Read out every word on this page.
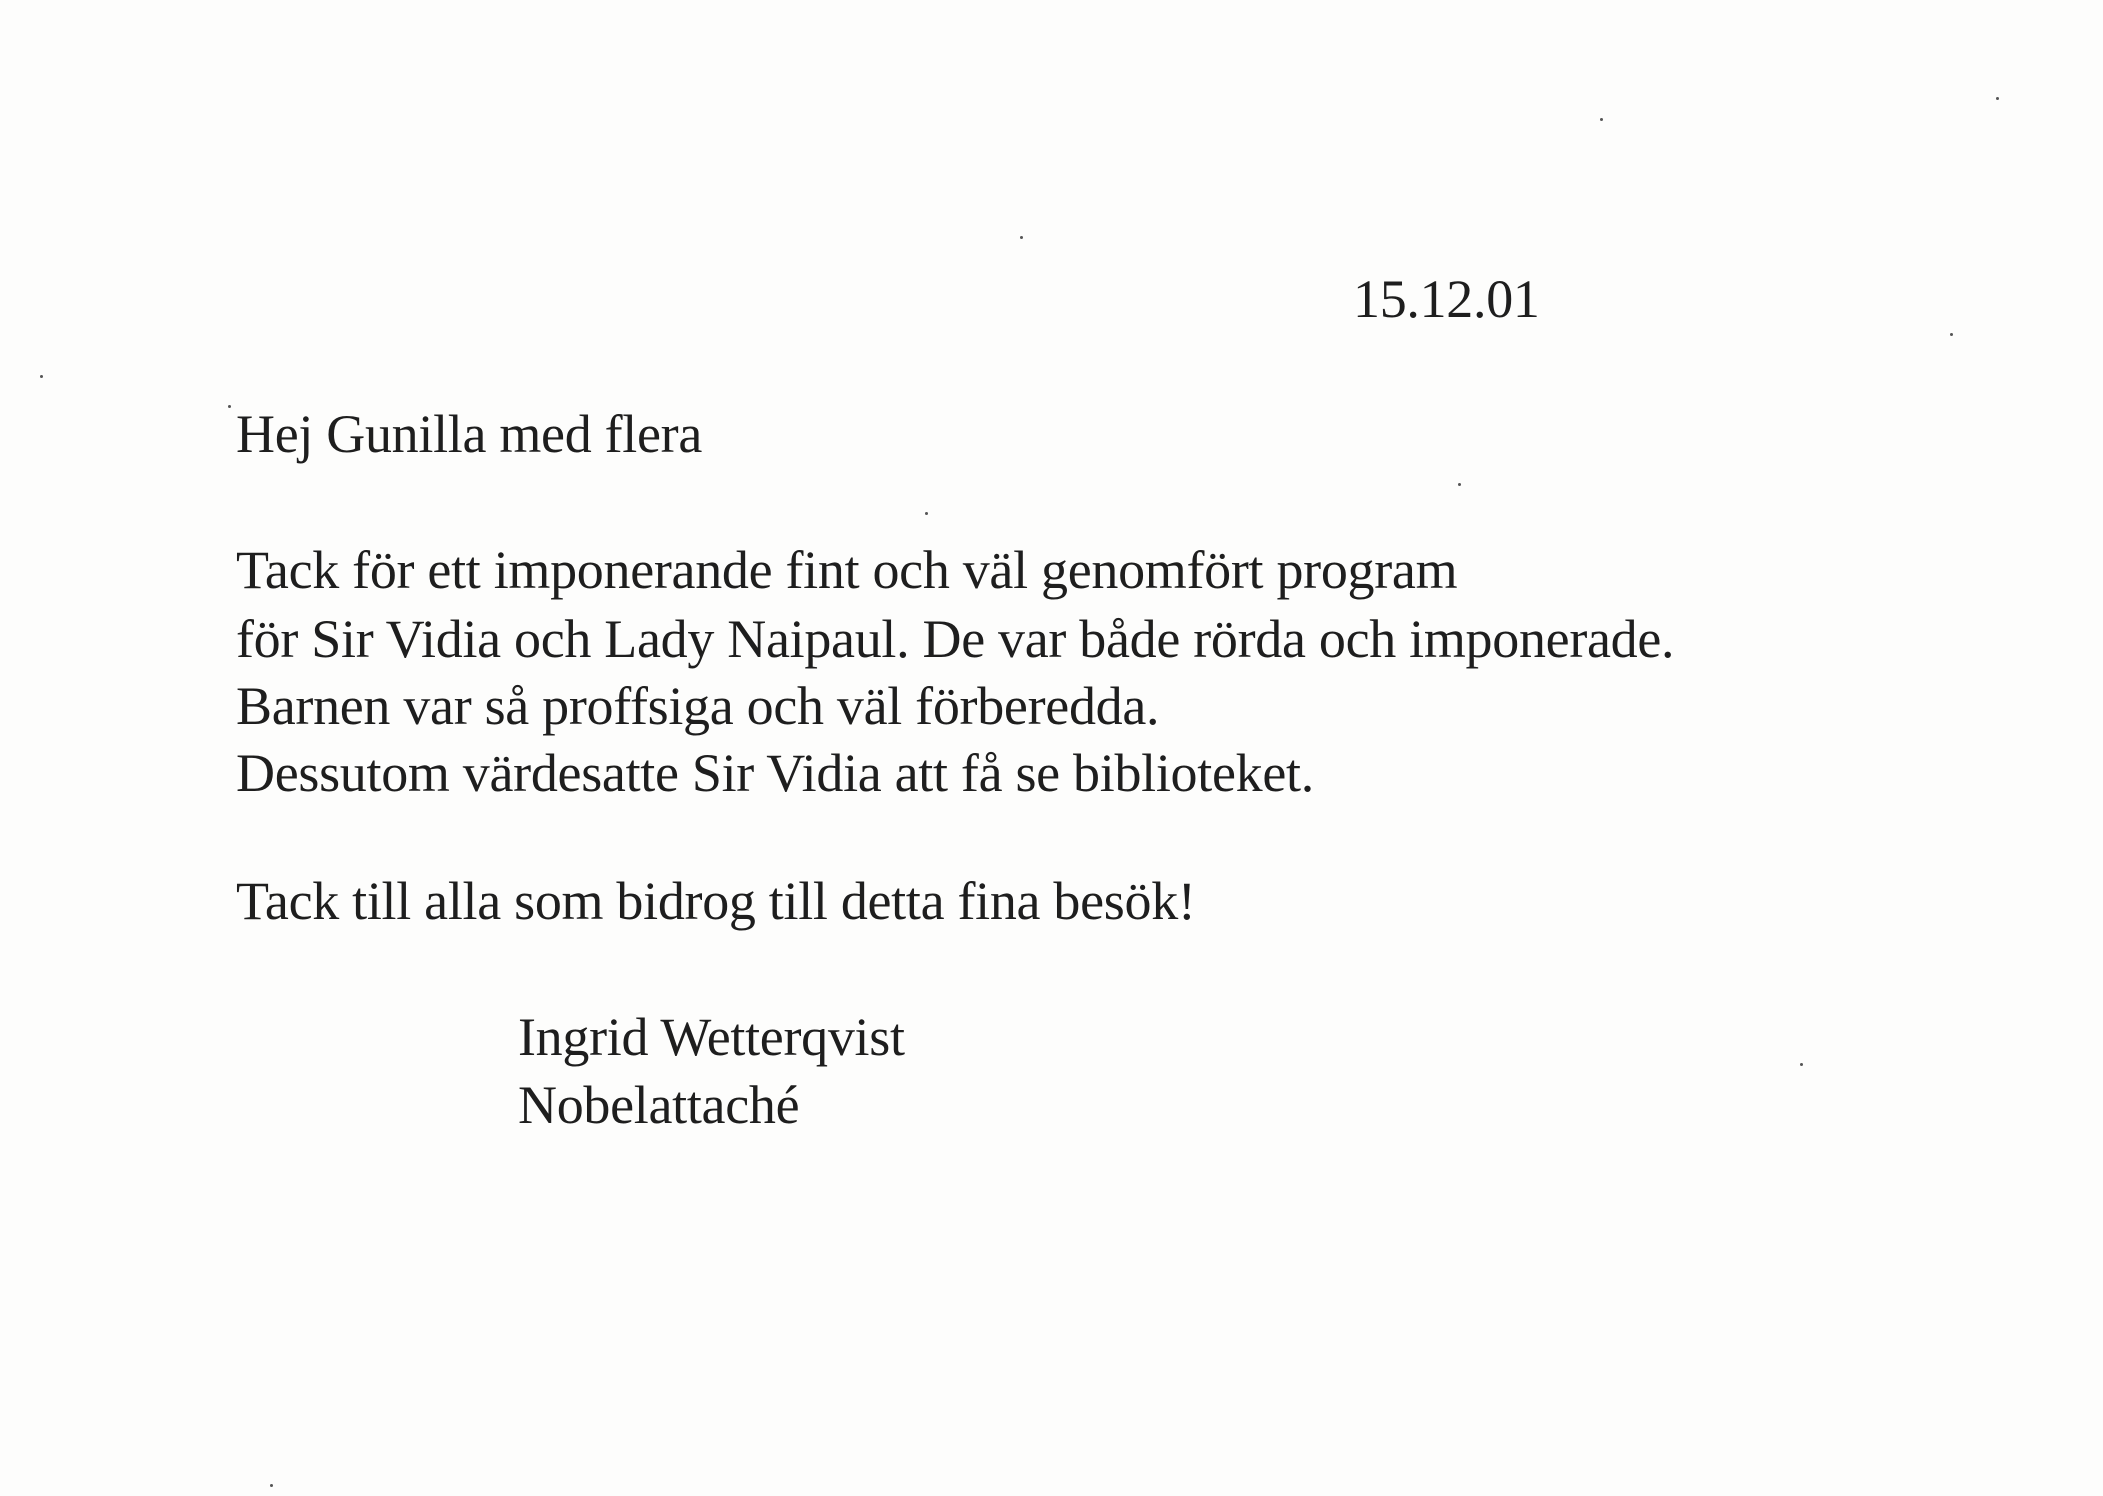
15.12.01
Hej Gunilla med flera
Tack för ett imponerande fint och väl genomfört program
för Sir Vidia och Lady Naipaul. De var både rörda och imponerade.
Barnen var så proffsiga och väl förberedda.
Dessutom värdesatte Sir Vidia att få se biblioteket.
Tack till alla som bidrog till detta fina besök!
Ingrid Wetterqvist
Nobelattaché
